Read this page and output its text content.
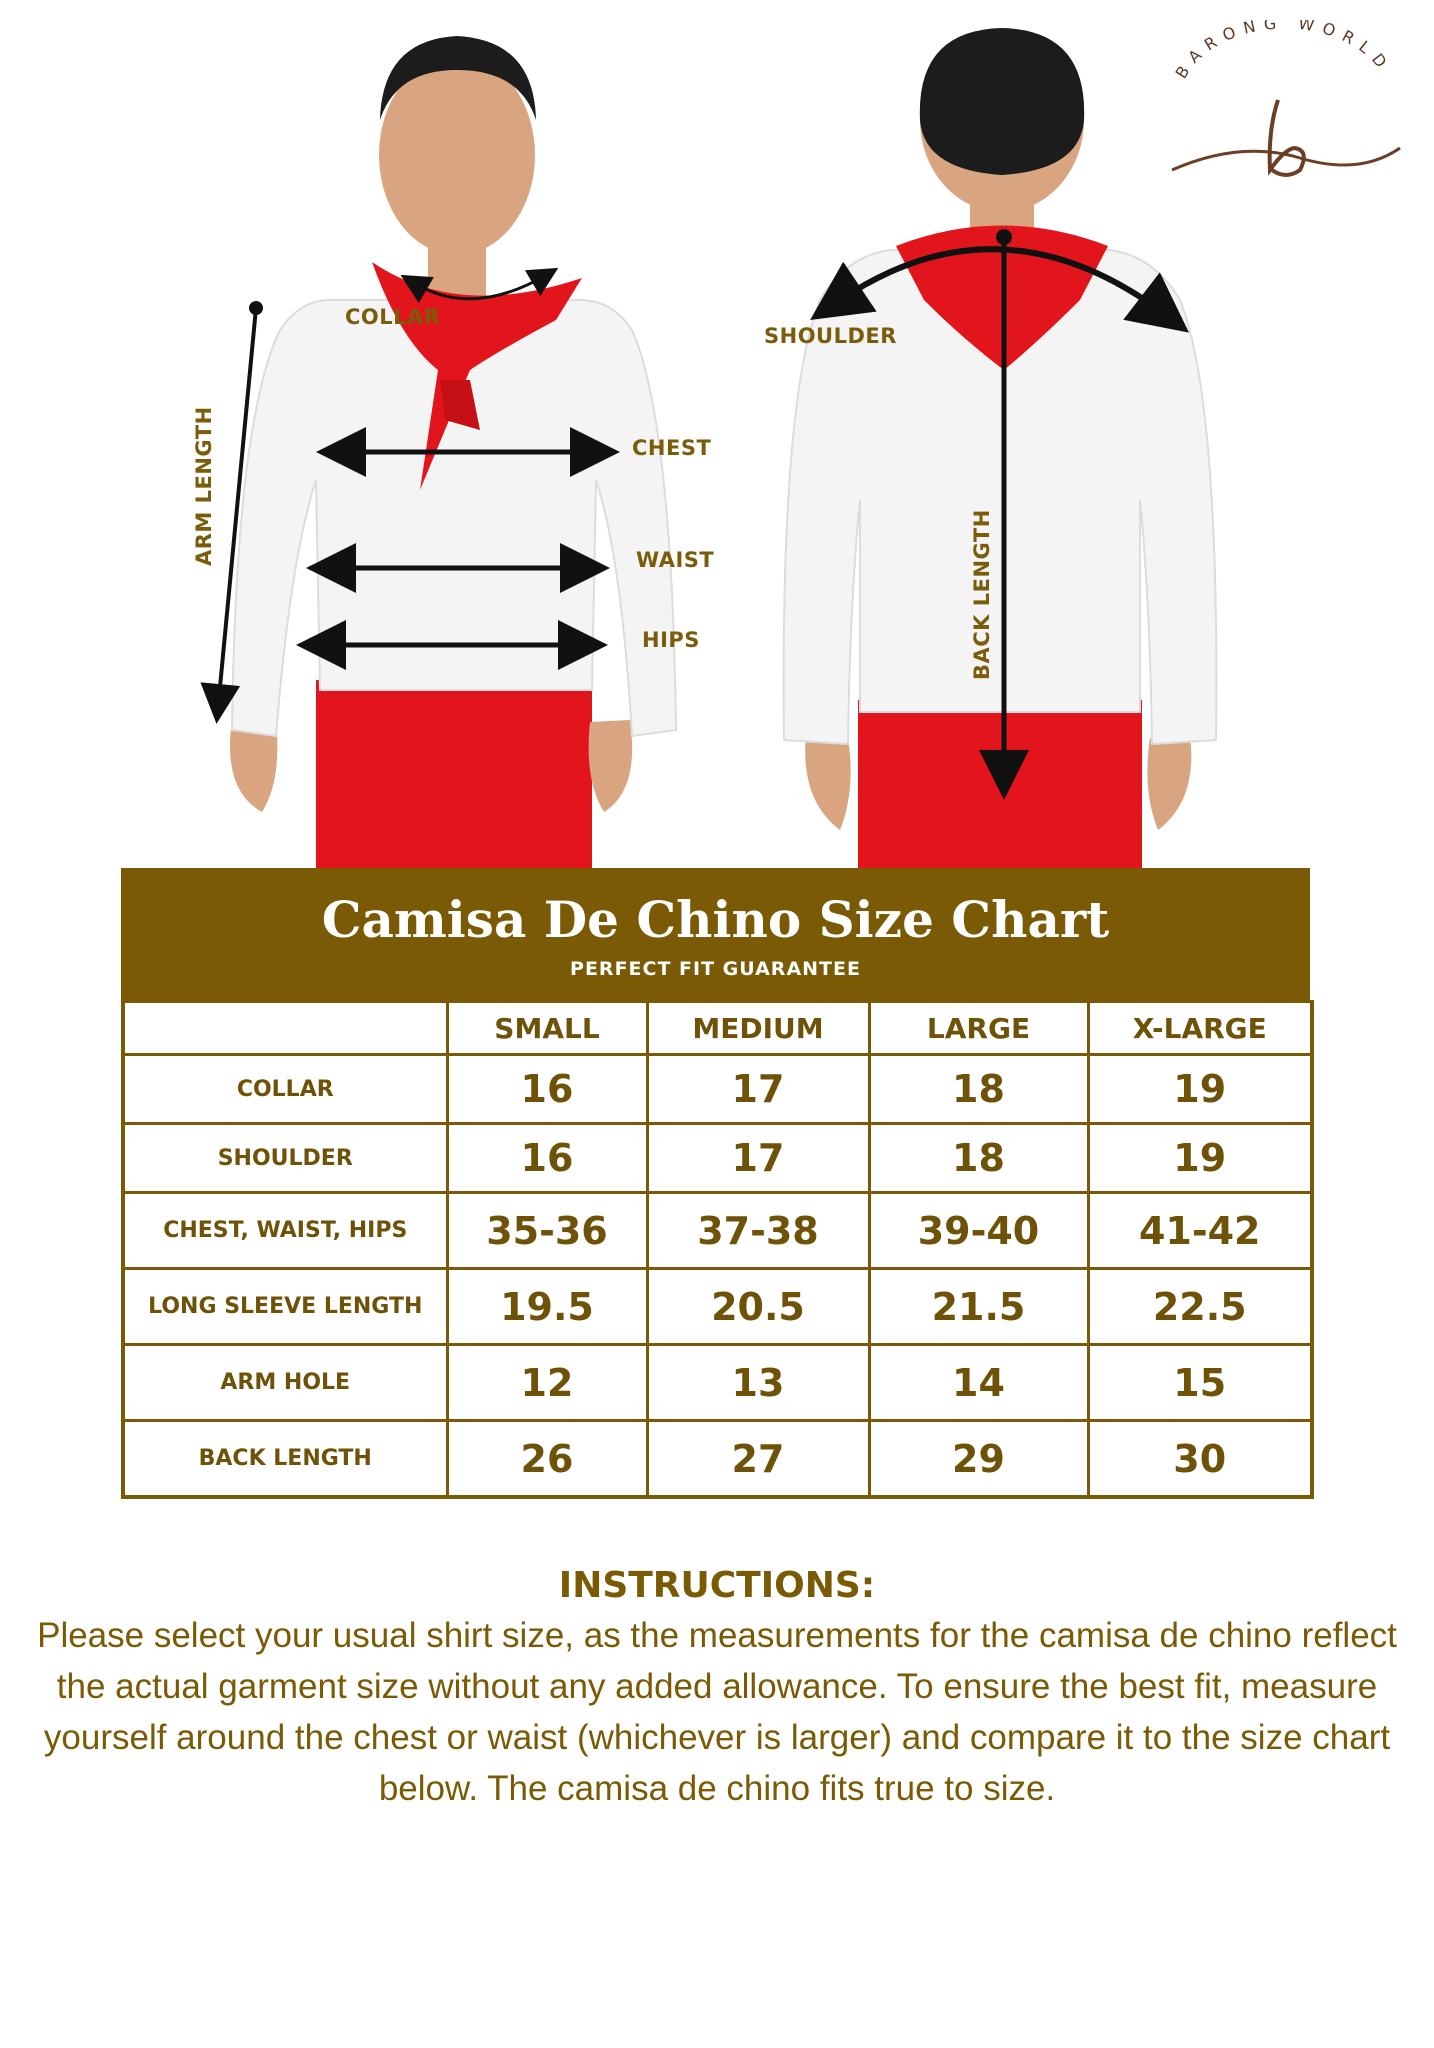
COLLAR
CHEST
WAIST
HIPS
ARM LENGTH
SHOULDER
BACK LENGTH
BARONG WORLD
Camisa De Chino Size Chart
PERFECT FIT GUARANTEE
	SMALL	MEDIUM	LARGE	X-LARGE
COLLAR	16	17	18	19
SHOULDER	16	17	18	19
CHEST, WAIST, HIPS	35-36	37-38	39-40	41-42
LONG SLEEVE LENGTH	19.5	20.5	21.5	22.5
ARM HOLE	12	13	14	15
BACK LENGTH	26	27	29	30
INSTRUCTIONS:
Please select your usual shirt size, as the measurements for the camisa de chino reflect the actual garment size without any added allowance. To ensure the best fit, measure yourself around the chest or waist (whichever is larger) and compare it to the size chart below. The camisa de chino fits true to size.
